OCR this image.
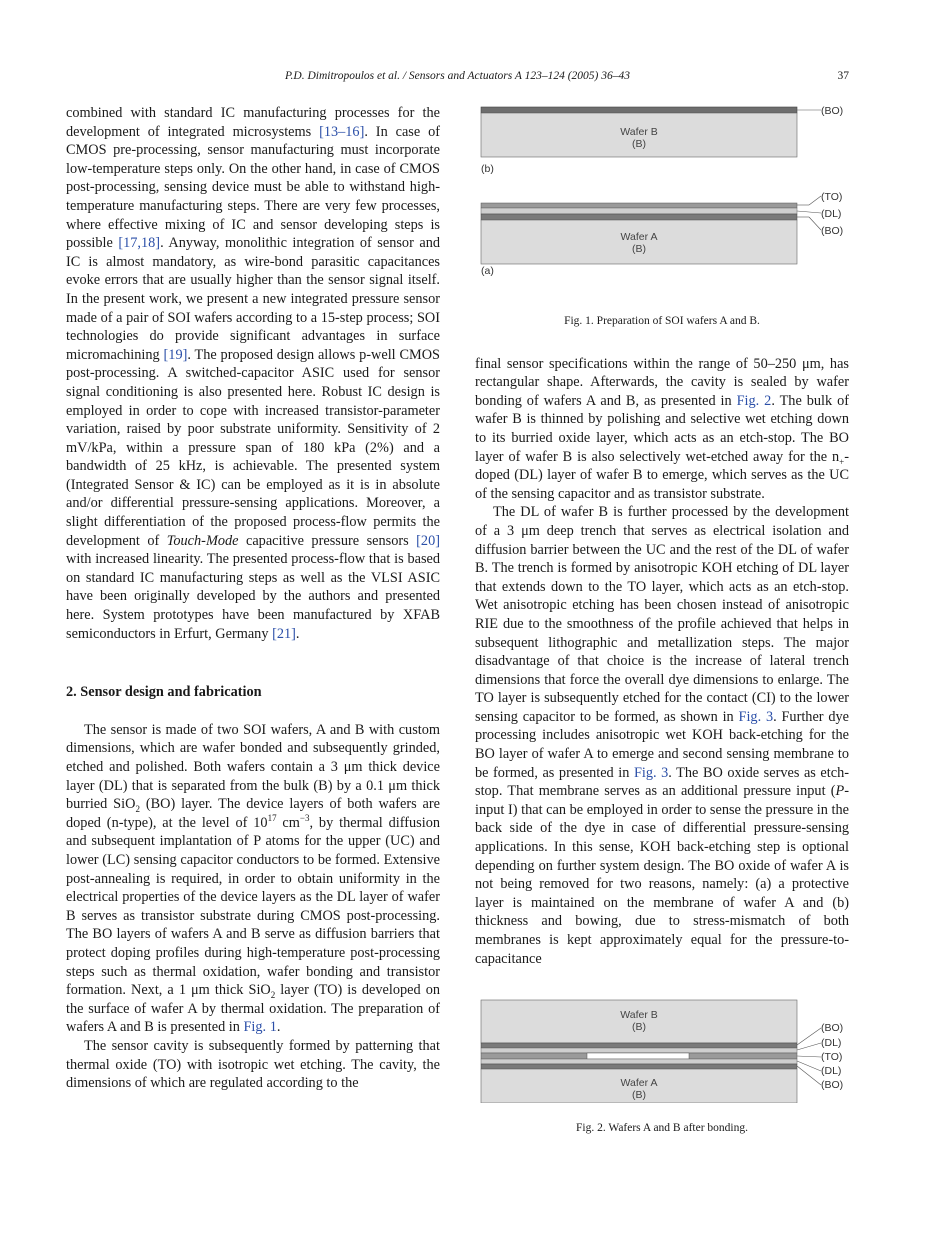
P.D. Dimitropoulos et al. / Sensors and Actuators A 123–124 (2005) 36–43	37

combined with standard IC manufacturing processes for the development of integrated microsystems [13–16]. In case of CMOS pre-processing, sensor manufacturing must incorporate low-temperature steps only. On the other hand, in case of CMOS post-processing, sensing device must be able to withstand high-temperature manufacturing steps. There are very few processes, where effective mixing of IC and sensor developing steps is possible [17,18]. Anyway, monolithic integration of sensor and IC is almost mandatory, as wire-bond parasitic capacitances evoke errors that are usually higher than the sensor signal itself. In the present work, we present a new integrated pressure sensor made of a pair of SOI wafers according to a 15-step process; SOI technologies do provide significant advantages in surface micromachining [19]. The proposed design allows p-well CMOS post-processing. A switched-capacitor ASIC used for sensor signal conditioning is also presented here. Robust IC design is employed in order to cope with increased transistor-parameter variation, raised by poor substrate uniformity. Sensitivity of 2 mV/kPa, within a pressure span of 180 kPa (2%) and a bandwidth of 25 kHz, is achievable. The presented system (Integrated Sensor & IC) can be employed as it is in absolute and/or differential pressure-sensing applications. Moreover, a slight differentiation of the proposed process-flow permits the development of Touch-Mode capacitive pressure sensors [20] with increased linearity. The presented process-flow that is based on standard IC manufacturing steps as well as the VLSI ASIC have been originally developed by the authors and presented here. System prototypes have been manufactured by XFAB semiconductors in Erfurt, Germany [21].

2. Sensor design and fabrication

The sensor is made of two SOI wafers, A and B with custom dimensions, which are wafer bonded and subsequently grinded, etched and polished. Both wafers contain a 3 μm thick device layer (DL) that is separated from the bulk (B) by a 0.1 μm thick burried SiO$_2$ (BO) layer. The device layers of both wafers are doped (n-type), at the level of $10^{17}$ $cm^{-3}$, by thermal diffusion and subsequent implantation of P atoms for the upper (UC) and lower (LC) sensing capacitor conductors to be formed. Extensive post-annealing is required, in order to obtain uniformity in the electrical properties of the device layers as the DL layer of wafer B serves as transistor substrate during CMOS post-processing. The BO layers of wafers A and B serve as diffusion barriers that protect doping profiles during high-temperature post-processing steps such as thermal oxidation, wafer bonding and transistor formation. Next, a 1 μm thick SiO$_2$ layer (TO) is developed on the surface of wafer A by thermal oxidation. The preparation of wafers A and B is presented in Fig. 1.

The sensor cavity is subsequently formed by patterning that thermal oxide (TO) with isotropic wet etching. The cavity, the dimensions of which are regulated according to the

(BO)
Wafer B
(B)
(b)
(TO)
(DL)
(BO)
Wafer A
(B)
(a)
Fig. 1. Preparation of SOI wafers A and B.

final sensor specifications within the range of 50–250 μm, has rectangular shape. Afterwards, the cavity is sealed by wafer bonding of wafers A and B, as presented in Fig. 2. The bulk of wafer B is thinned by polishing and selective wet etching down to its burried oxide layer, which acts as an etch-stop. The BO layer of wafer B is also selectively wet-etched away for the $n_+$-doped (DL) layer of wafer B to emerge, which serves as the UC of the sensing capacitor and as transistor substrate.

The DL of wafer B is further processed by the development of a 3 μm deep trench that serves as electrical isolation and diffusion barrier between the UC and the rest of the DL of wafer B. The trench is formed by anisotropic KOH etching of DL layer that extends down to the TO layer, which acts as an etch-stop. Wet anisotropic etching has been chosen instead of anisotropic RIE due to the smoothness of the profile achieved that helps in subsequent lithographic and metallization steps. The major disadvantage of that choice is the increase of lateral trench dimensions that force the overall dye dimensions to enlarge. The TO layer is subsequently etched for the contact (CI) to the lower sensing capacitor to be formed, as shown in Fig. 3. Further dye processing includes anisotropic wet KOH back-etching for the BO layer of wafer A to emerge and second sensing membrane to be formed, as presented in Fig. 3. The BO oxide serves as etch-stop. That membrane serves as an additional pressure input (P-input I) that can be employed in order to sense the pressure in the back side of the dye in case of differential pressure-sensing applications. In this sense, KOH back-etching step is optional depending on further system design. The BO oxide of wafer A is not being removed for two reasons, namely: (a) a protective layer is maintained on the membrane of wafer A and (b) thickness and bowing, due to stress-mismatch of both membranes is kept approximately equal for the pressure-to-capacitance

Wafer B
(B)
Wafer A
(B)
(BO)
(DL)
(TO)
(DL)
(BO)
Fig. 2. Wafers A and B after bonding.
